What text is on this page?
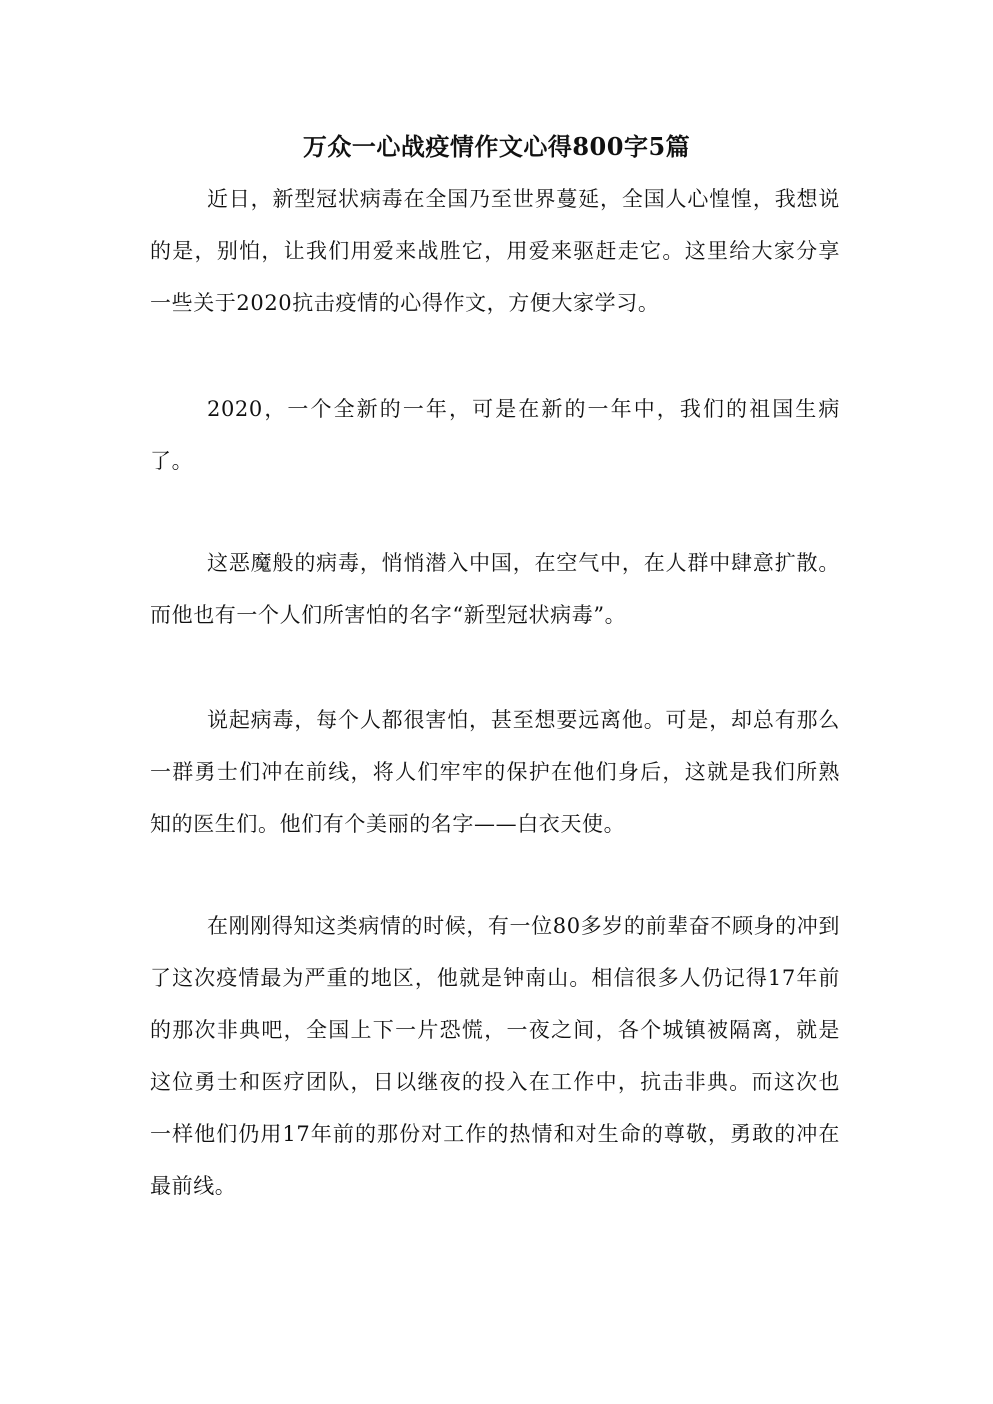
万众一心战疫情作文心得800字5篇

近日，新型冠状病毒在全国乃至世界蔓延，全国人心惶惶，我想说的是，别怕，让我们用爱来战胜它，用爱来驱赶走它。这里给大家分享一些关于2020抗击疫情的心得作文，方便大家学习。

2020，一个全新的一年，可是在新的一年中，我们的祖国生病了。

这恶魔般的病毒，悄悄潜入中国，在空气中，在人群中肆意扩散。而他也有一个人们所害怕的名字“新型冠状病毒”。

说起病毒，每个人都很害怕，甚至想要远离他。可是，却总有那么一群勇士们冲在前线，将人们牢牢的保护在他们身后，这就是我们所熟知的医生们。他们有个美丽的名字——白衣天使。

在刚刚得知这类病情的时候，有一位80多岁的前辈奋不顾身的冲到了这次疫情最为严重的地区，他就是钟南山。相信很多人仍记得17年前的那次非典吧，全国上下一片恐慌，一夜之间，各个城镇被隔离，就是这位勇士和医疗团队，日以继夜的投入在工作中，抗击非典。而这次也一样他们仍用17年前的那份对工作的热情和对生命的尊敬，勇敢的冲在最前线。
